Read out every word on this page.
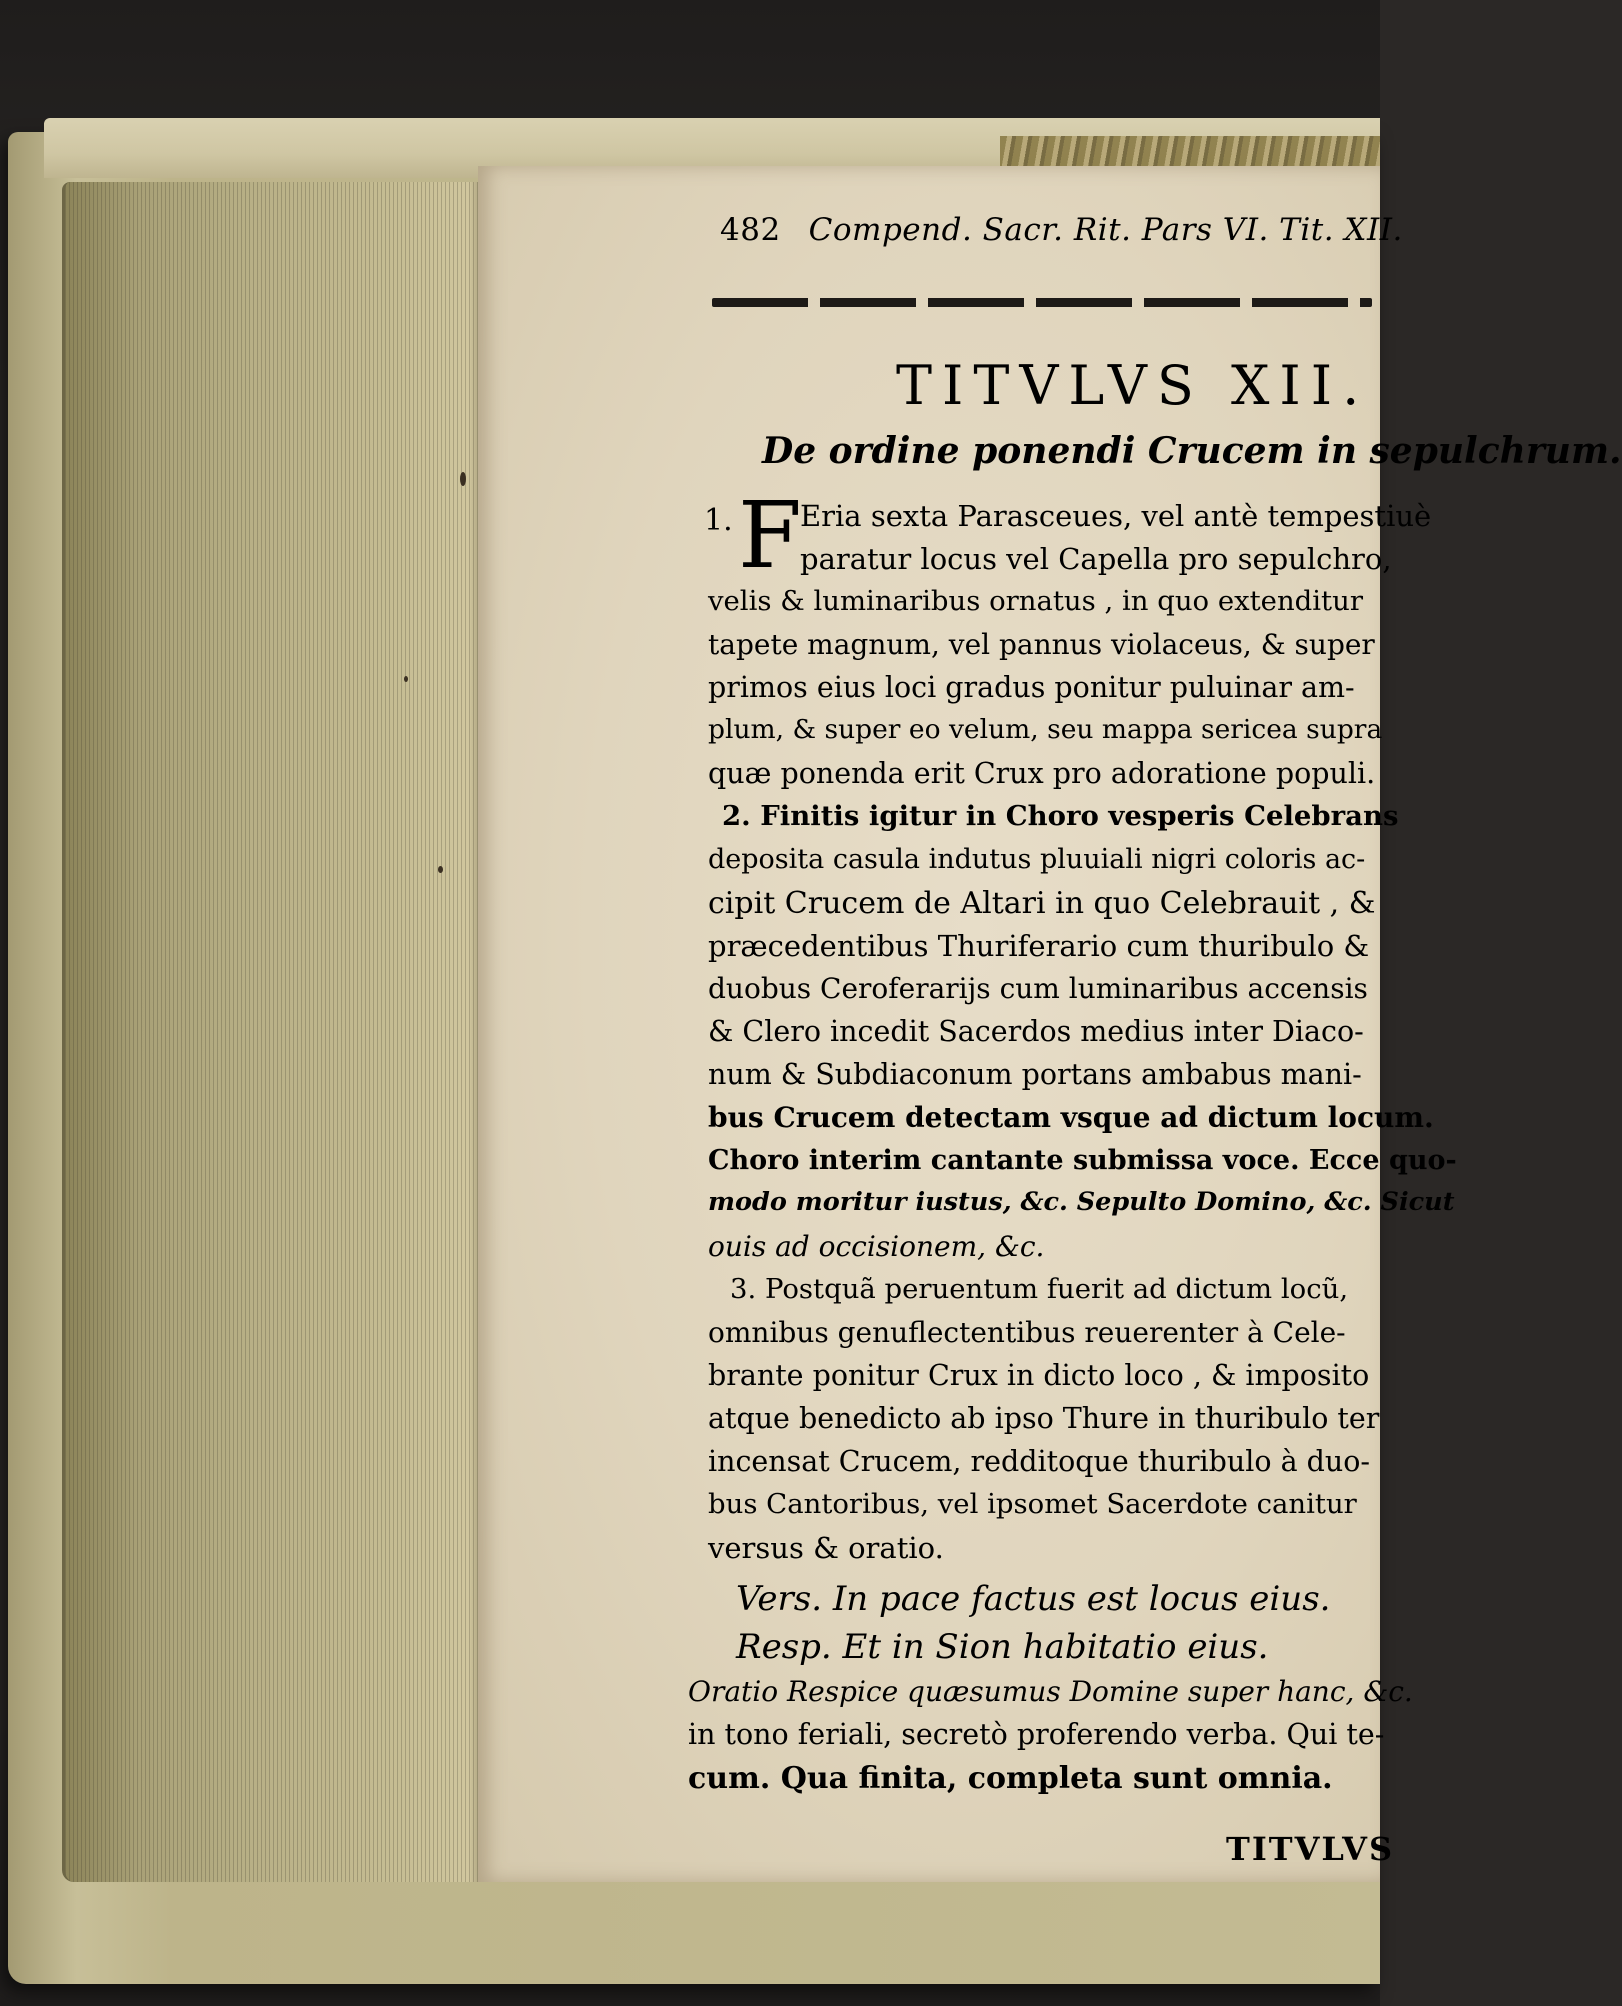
482 Compend. Sacr. Rit. Pars VI. Tit. XII.
TITVLVS XII.
De ordine ponendi Crucem in sepulchrum.
1. F
Eria sexta Parasceues, vel antè tempestiuè
paratur locus vel Capella pro sepulchro,
velis & luminaribus ornatus , in quo extenditur
tapete magnum, vel pannus violaceus, & super
primos eius loci gradus ponitur puluinar am-
plum, & super eo velum, seu mappa sericea supra
quæ ponenda erit Crux pro adoratione populi.
2. Finitis igitur in Choro vesperis Celebrans
deposita casula indutus pluuiali nigri coloris ac-
cipit Crucem de Altari in quo Celebrauit , &
præcedentibus Thuriferario cum thuribulo &
duobus Ceroferarijs cum luminaribus accensis
& Clero incedit Sacerdos medius inter Diaco-
num & Subdiaconum portans ambabus mani-
bus Crucem detectam vsque ad dictum locum.
Choro interim cantante submissa voce. Ecce quo-
modo moritur iustus, &c. Sepulto Domino, &c. Sicut
ouis ad occisionem, &c.
3. Postquã peruentum fuerit ad dictum locũ,
omnibus genuflectentibus reuerenter à Cele-
brante ponitur Crux in dicto loco , & imposito
atque benedicto ab ipso Thure in thuribulo ter
incensat Crucem, redditoque thuribulo à duo-
bus Cantoribus, vel ipsomet Sacerdote canitur
versus & oratio.
Vers. In pace factus est locus eius.
Resp. Et in Sion habitatio eius.
Oratio Respice quæsumus Domine super hanc, &c.
in tono feriali, secretò proferendo verba. Qui te-
cum. Qua finita, completa sunt omnia.
TITVLVS
